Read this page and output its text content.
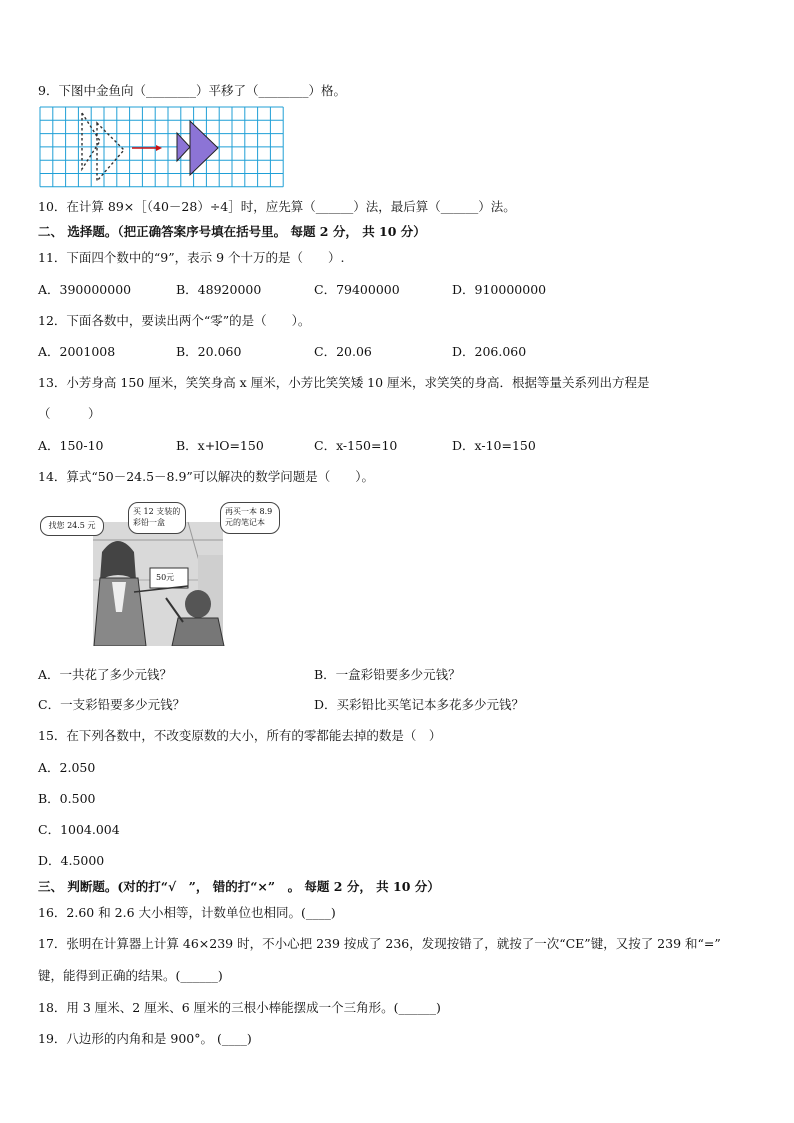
9．下图中金鱼向（________）平移了（________）格。
10．在计算 89×［（40－28）÷4］时，应先算（______）法，最后算（______）法。
二、 选择题。（把正确答案序号填在括号里。 每题 2 分， 共 10 分）
11．下面四个数中的“9”，表示 9 个十万的是（　　）.
A．390000000	B．48920000	C．79400000	D．910000000
12．下面各数中，要读出两个“零”的是（　　）。
A．2001008	B．20.060	C．20.06	D．206.060
13．小芳身高 150 厘米，笑笑身高 x 厘米，小芳比笑笑矮 10 厘米，求笑笑的身高．根据等量关系列出方程是
（　　　）
A．150-10	B．x+lO=150	C．x-150=10	D．x-10=150
14．算式“50－24.5－8.9”可以解决的数学问题是（　　）。
50元
找您 24.5 元
买 12 支装的彩铅一盒
再买一本 8.9 元的笔记本
A．一共花了多少元钱？	B．一盒彩铅要多少元钱？
C．一支彩铅要多少元钱？	D．买彩铅比买笔记本多花多少元钱？
15．在下列各数中，不改变原数的大小，所有的零都能去掉的数是（　）
A．2.050
B．0.500
C．1004.004
D．4.5000
三、 判断题。(对的打“√　”， 错的打“×”　。 每题 2 分， 共 10 分）
16．2.60 和 2.6 大小相等，计数单位也相同。(____)
17．张明在计算器上计算 46×239 时，不小心把 239 按成了 236，发现按错了，就按了一次“CE”键，又按了 239 和“=”
键，能得到正确的结果。(______)
18．用 3 厘米、2 厘米、6 厘米的三根小棒能摆成一个三角形。(______)
19．八边形的内角和是 900°。 (____)
